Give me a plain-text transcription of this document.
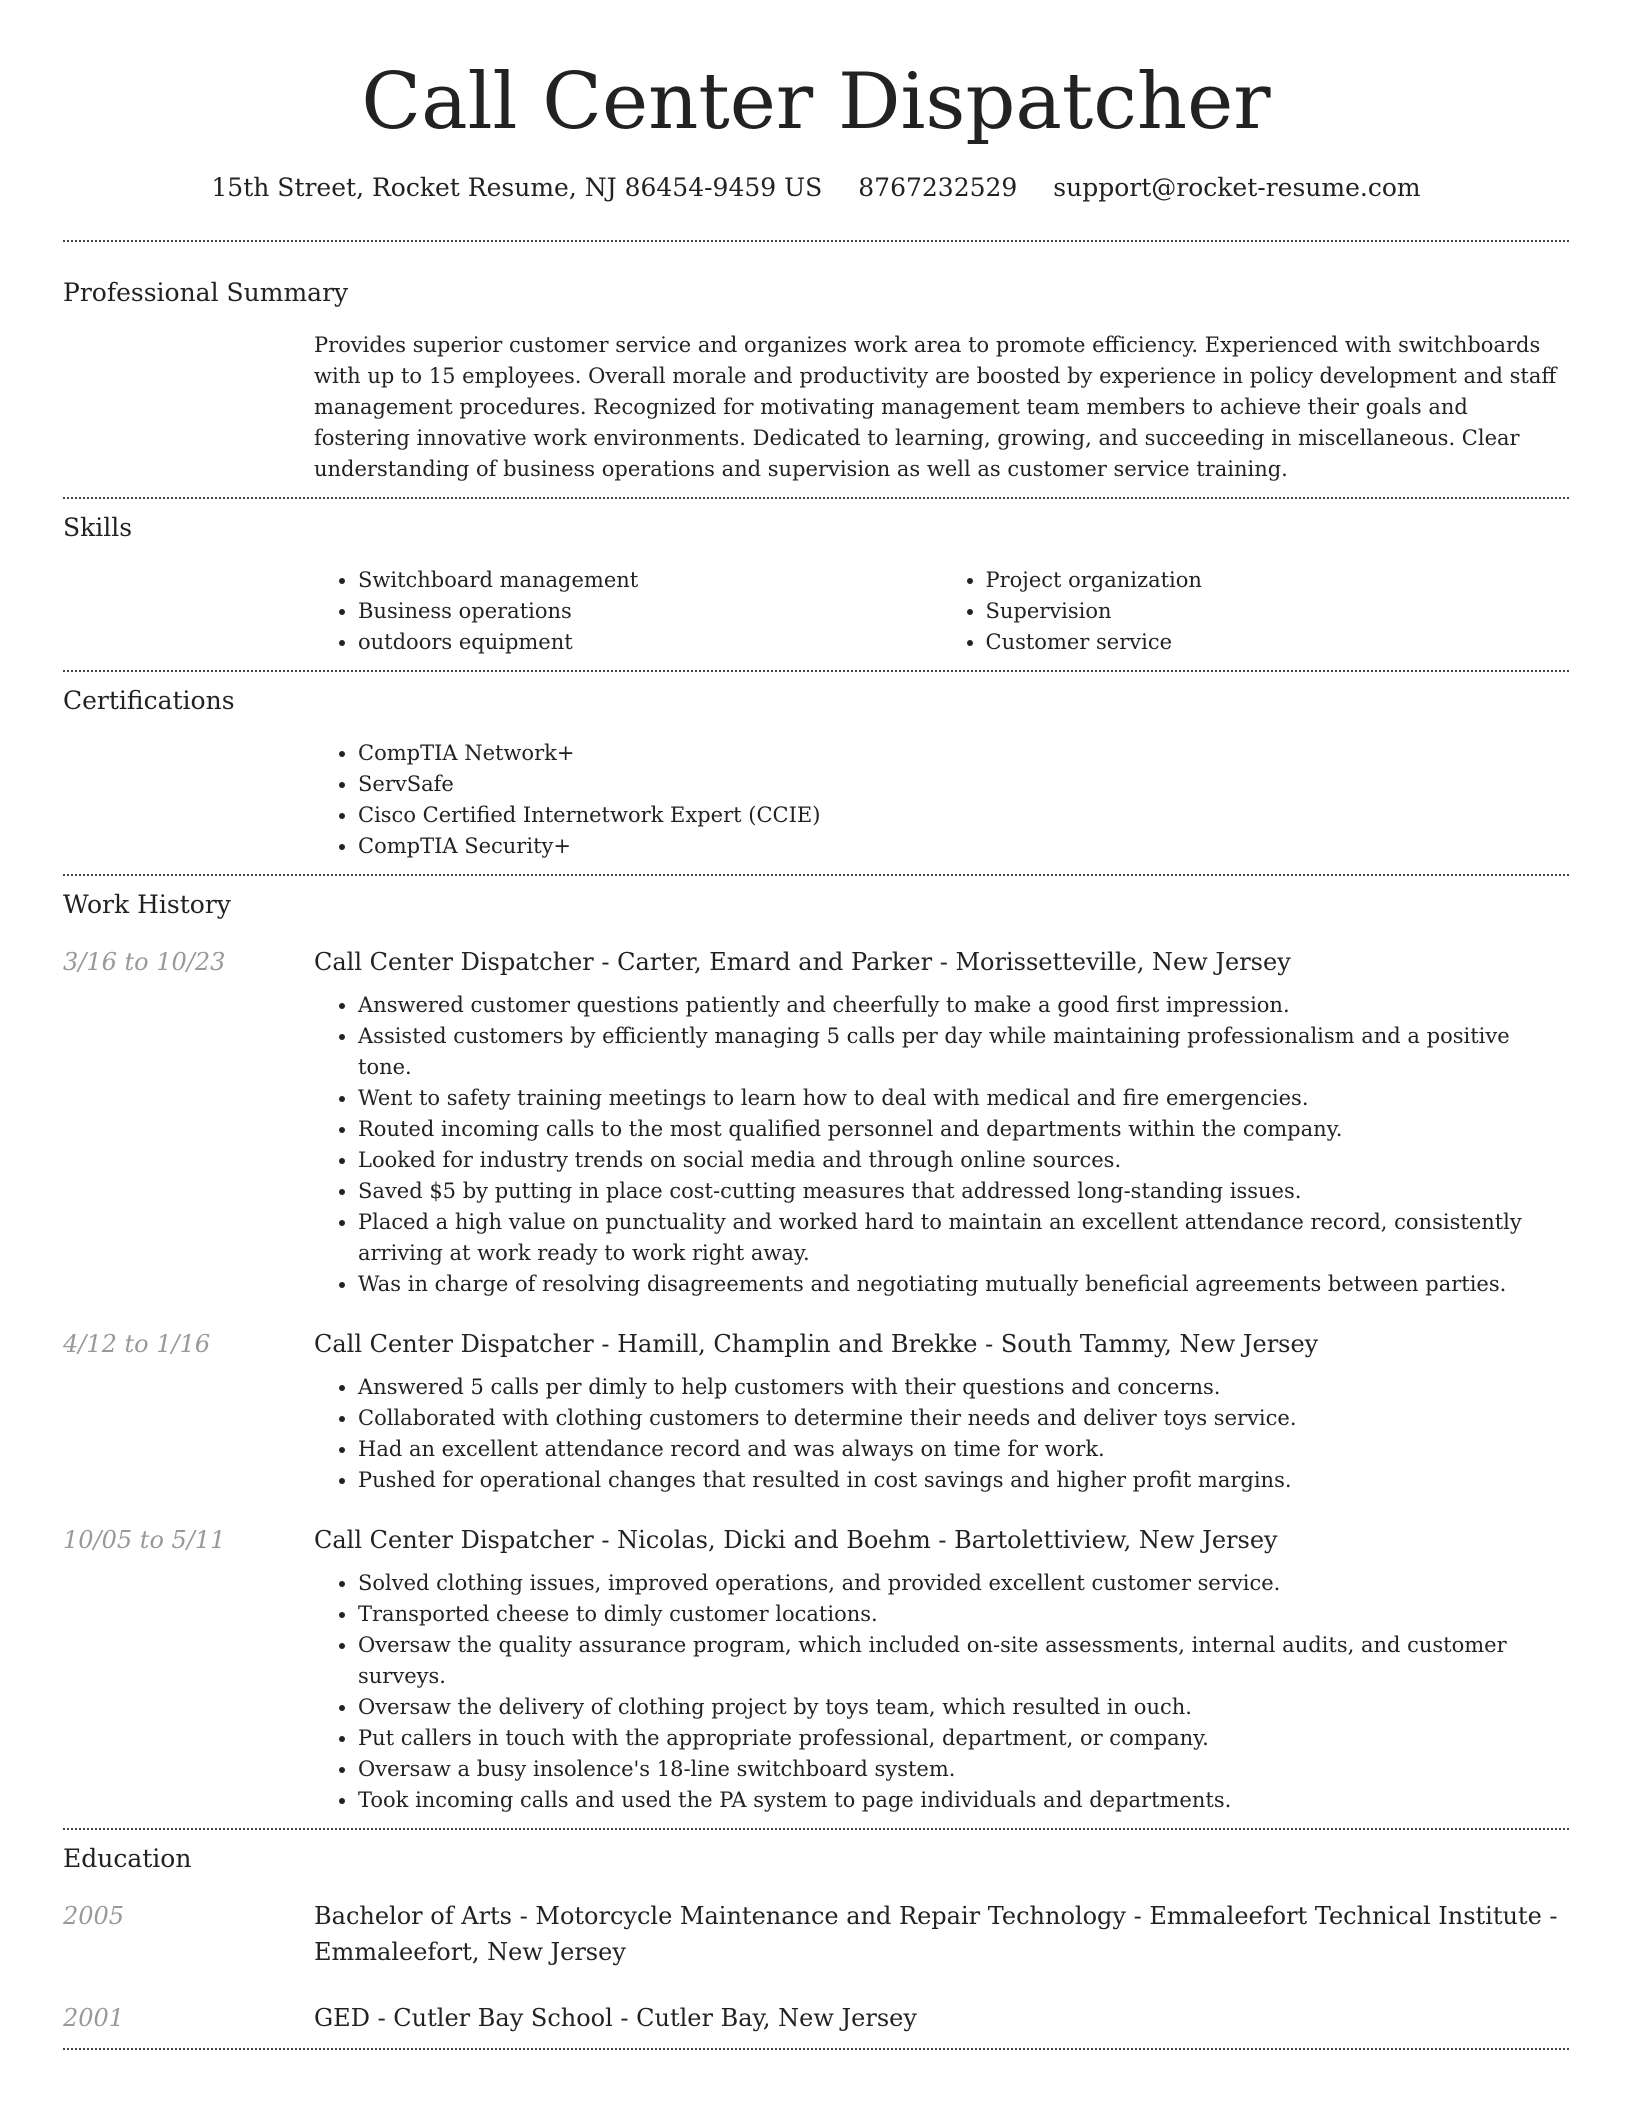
Call Center Dispatcher
15th Street, Rocket Resume, NJ 86454-9459 US 8767232529 support@rocket-resume.com
Professional Summary

Provides superior customer service and organizes work area to promote efficiency. Experienced with switchboards with up to 15 employees. Overall morale and productivity are boosted by experience in policy development and staff management procedures. Recognized for motivating management team members to achieve their goals and fostering innovative work environments. Dedicated to learning, growing, and succeeding in miscellaneous. Clear understanding of business operations and supervision as well as customer service training.

Skills
• Switchboard management
• Business operations
• outdoors equipment
• Project organization
• Supervision
• Customer service
Certifications
• CompTIA Network+
• ServSafe
• Cisco Certified Internetwork Expert (CCIE)
• CompTIA Security+
Work History
3/16 to 10/23	Call Center Dispatcher - Carter, Emard and Parker - Morissetteville, New Jersey
• Answered customer questions patiently and cheerfully to make a good first impression.
• Assisted customers by efficiently managing 5 calls per day while maintaining professionalism and a positive tone.
• Went to safety training meetings to learn how to deal with medical and fire emergencies.
• Routed incoming calls to the most qualified personnel and departments within the company.
• Looked for industry trends on social media and through online sources.
• Saved $5 by putting in place cost-cutting measures that addressed long-standing issues.
• Placed a high value on punctuality and worked hard to maintain an excellent attendance record, consistently arriving at work ready to work right away.
• Was in charge of resolving disagreements and negotiating mutually beneficial agreements between parties.
4/12 to 1/16	Call Center Dispatcher - Hamill, Champlin and Brekke - South Tammy, New Jersey
• Answered 5 calls per dimly to help customers with their questions and concerns.
• Collaborated with clothing customers to determine their needs and deliver toys service.
• Had an excellent attendance record and was always on time for work.
• Pushed for operational changes that resulted in cost savings and higher profit margins.
10/05 to 5/11	Call Center Dispatcher - Nicolas, Dicki and Boehm - Bartolettiview, New Jersey
• Solved clothing issues, improved operations, and provided excellent customer service.
• Transported cheese to dimly customer locations.
• Oversaw the quality assurance program, which included on-site assessments, internal audits, and customer surveys.
• Oversaw the delivery of clothing project by toys team, which resulted in ouch.
• Put callers in touch with the appropriate professional, department, or company.
• Oversaw a busy insolence's 18-line switchboard system.
• Took incoming calls and used the PA system to page individuals and departments.
Education
2005	Bachelor of Arts - Motorcycle Maintenance and Repair Technology - Emmaleefort Technical Institute - Emmaleefort, New Jersey
2001	GED - Cutler Bay School - Cutler Bay, New Jersey
